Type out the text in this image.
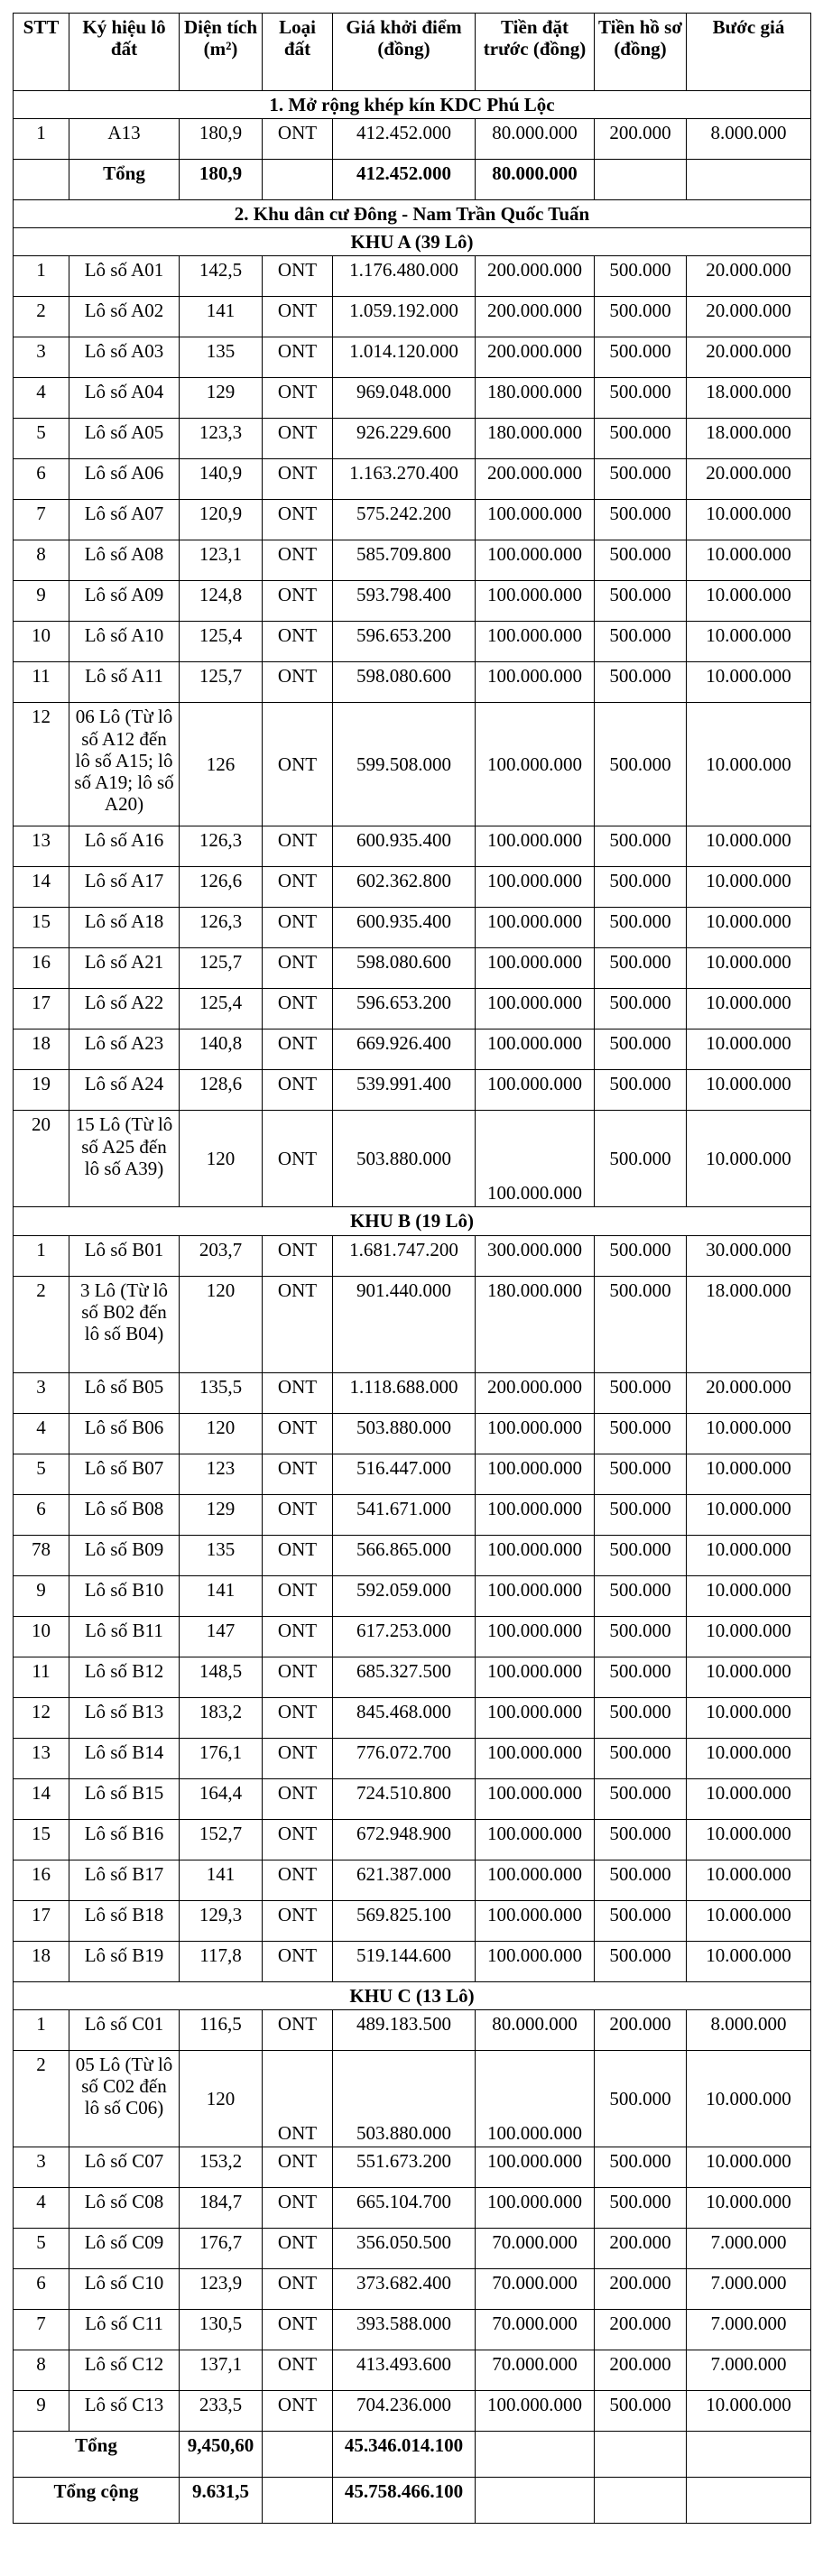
STT	Ký hiệu lô đất	Diện tích (m²)	Loại đất	Giá khởi điểm (đồng)	Tiền đặt trước (đồng)	Tiền hồ sơ (đồng)	Bước giá
1. Mở rộng khép kín KDC Phú Lộc							
1	A13	180,9	ONT	412.452.000	80.000.000	200.000	8.000.000
	Tổng	180,9		412.452.000	80.000.000		
2. Khu dân cư Đông - Nam Trần Quốc Tuấn							
KHU A (39 Lô)							
1	Lô số A01	142,5	ONT	1.176.480.000	200.000.000	500.000	20.000.000
2	Lô số A02	141	ONT	1.059.192.000	200.000.000	500.000	20.000.000
3	Lô số A03	135	ONT	1.014.120.000	200.000.000	500.000	20.000.000
4	Lô số A04	129	ONT	969.048.000	180.000.000	500.000	18.000.000
5	Lô số A05	123,3	ONT	926.229.600	180.000.000	500.000	18.000.000
6	Lô số A06	140,9	ONT	1.163.270.400	200.000.000	500.000	20.000.000
7	Lô số A07	120,9	ONT	575.242.200	100.000.000	500.000	10.000.000
8	Lô số A08	123,1	ONT	585.709.800	100.000.000	500.000	10.000.000
9	Lô số A09	124,8	ONT	593.798.400	100.000.000	500.000	10.000.000
10	Lô số A10	125,4	ONT	596.653.200	100.000.000	500.000	10.000.000
11	Lô số A11	125,7	ONT	598.080.600	100.000.000	500.000	10.000.000
12	06 Lô (Từ lô số A12 đến lô số A15; lô số A19; lô số A20)	126	ONT	599.508.000	100.000.000	500.000	10.000.000
13	Lô số A16	126,3	ONT	600.935.400	100.000.000	500.000	10.000.000
14	Lô số A17	126,6	ONT	602.362.800	100.000.000	500.000	10.000.000
15	Lô số A18	126,3	ONT	600.935.400	100.000.000	500.000	10.000.000
16	Lô số A21	125,7	ONT	598.080.600	100.000.000	500.000	10.000.000
17	Lô số A22	125,4	ONT	596.653.200	100.000.000	500.000	10.000.000
18	Lô số A23	140,8	ONT	669.926.400	100.000.000	500.000	10.000.000
19	Lô số A24	128,6	ONT	539.991.400	100.000.000	500.000	10.000.000
20	15 Lô (Từ lô số A25 đến lô số A39)	120	ONT	503.880.000	100.000.000	500.000	10.000.000
KHU B (19 Lô)							
1	Lô số B01	203,7	ONT	1.681.747.200	300.000.000	500.000	30.000.000
2	3 Lô (Từ lô số B02 đến lô số B04)	120	ONT	901.440.000	180.000.000	500.000	18.000.000
3	Lô số B05	135,5	ONT	1.118.688.000	200.000.000	500.000	20.000.000
4	Lô số B06	120	ONT	503.880.000	100.000.000	500.000	10.000.000
5	Lô số B07	123	ONT	516.447.000	100.000.000	500.000	10.000.000
6	Lô số B08	129	ONT	541.671.000	100.000.000	500.000	10.000.000
78	Lô số B09	135	ONT	566.865.000	100.000.000	500.000	10.000.000
9	Lô số B10	141	ONT	592.059.000	100.000.000	500.000	10.000.000
10	Lô số B11	147	ONT	617.253.000	100.000.000	500.000	10.000.000
11	Lô số B12	148,5	ONT	685.327.500	100.000.000	500.000	10.000.000
12	Lô số B13	183,2	ONT	845.468.000	100.000.000	500.000	10.000.000
13	Lô số B14	176,1	ONT	776.072.700	100.000.000	500.000	10.000.000
14	Lô số B15	164,4	ONT	724.510.800	100.000.000	500.000	10.000.000
15	Lô số B16	152,7	ONT	672.948.900	100.000.000	500.000	10.000.000
16	Lô số B17	141	ONT	621.387.000	100.000.000	500.000	10.000.000
17	Lô số B18	129,3	ONT	569.825.100	100.000.000	500.000	10.000.000
18	Lô số B19	117,8	ONT	519.144.600	100.000.000	500.000	10.000.000
KHU C (13 Lô)							
1	Lô số C01	116,5	ONT	489.183.500	80.000.000	200.000	8.000.000
2	05 Lô (Từ lô số C02 đến lô số C06)	120	ONT	503.880.000	100.000.000	500.000	10.000.000
3	Lô số C07	153,2	ONT	551.673.200	100.000.000	500.000	10.000.000
4	Lô số C08	184,7	ONT	665.104.700	100.000.000	500.000	10.000.000
5	Lô số C09	176,7	ONT	356.050.500	70.000.000	200.000	7.000.000
6	Lô số C10	123,9	ONT	373.682.400	70.000.000	200.000	7.000.000
7	Lô số C11	130,5	ONT	393.588.000	70.000.000	200.000	7.000.000
8	Lô số C12	137,1	ONT	413.493.600	70.000.000	200.000	7.000.000
9	Lô số C13	233,5	ONT	704.236.000	100.000.000	500.000	10.000.000
Tổng		9,450,60		45.346.014.100			
Tổng cộng		9.631,5		45.758.466.100			
